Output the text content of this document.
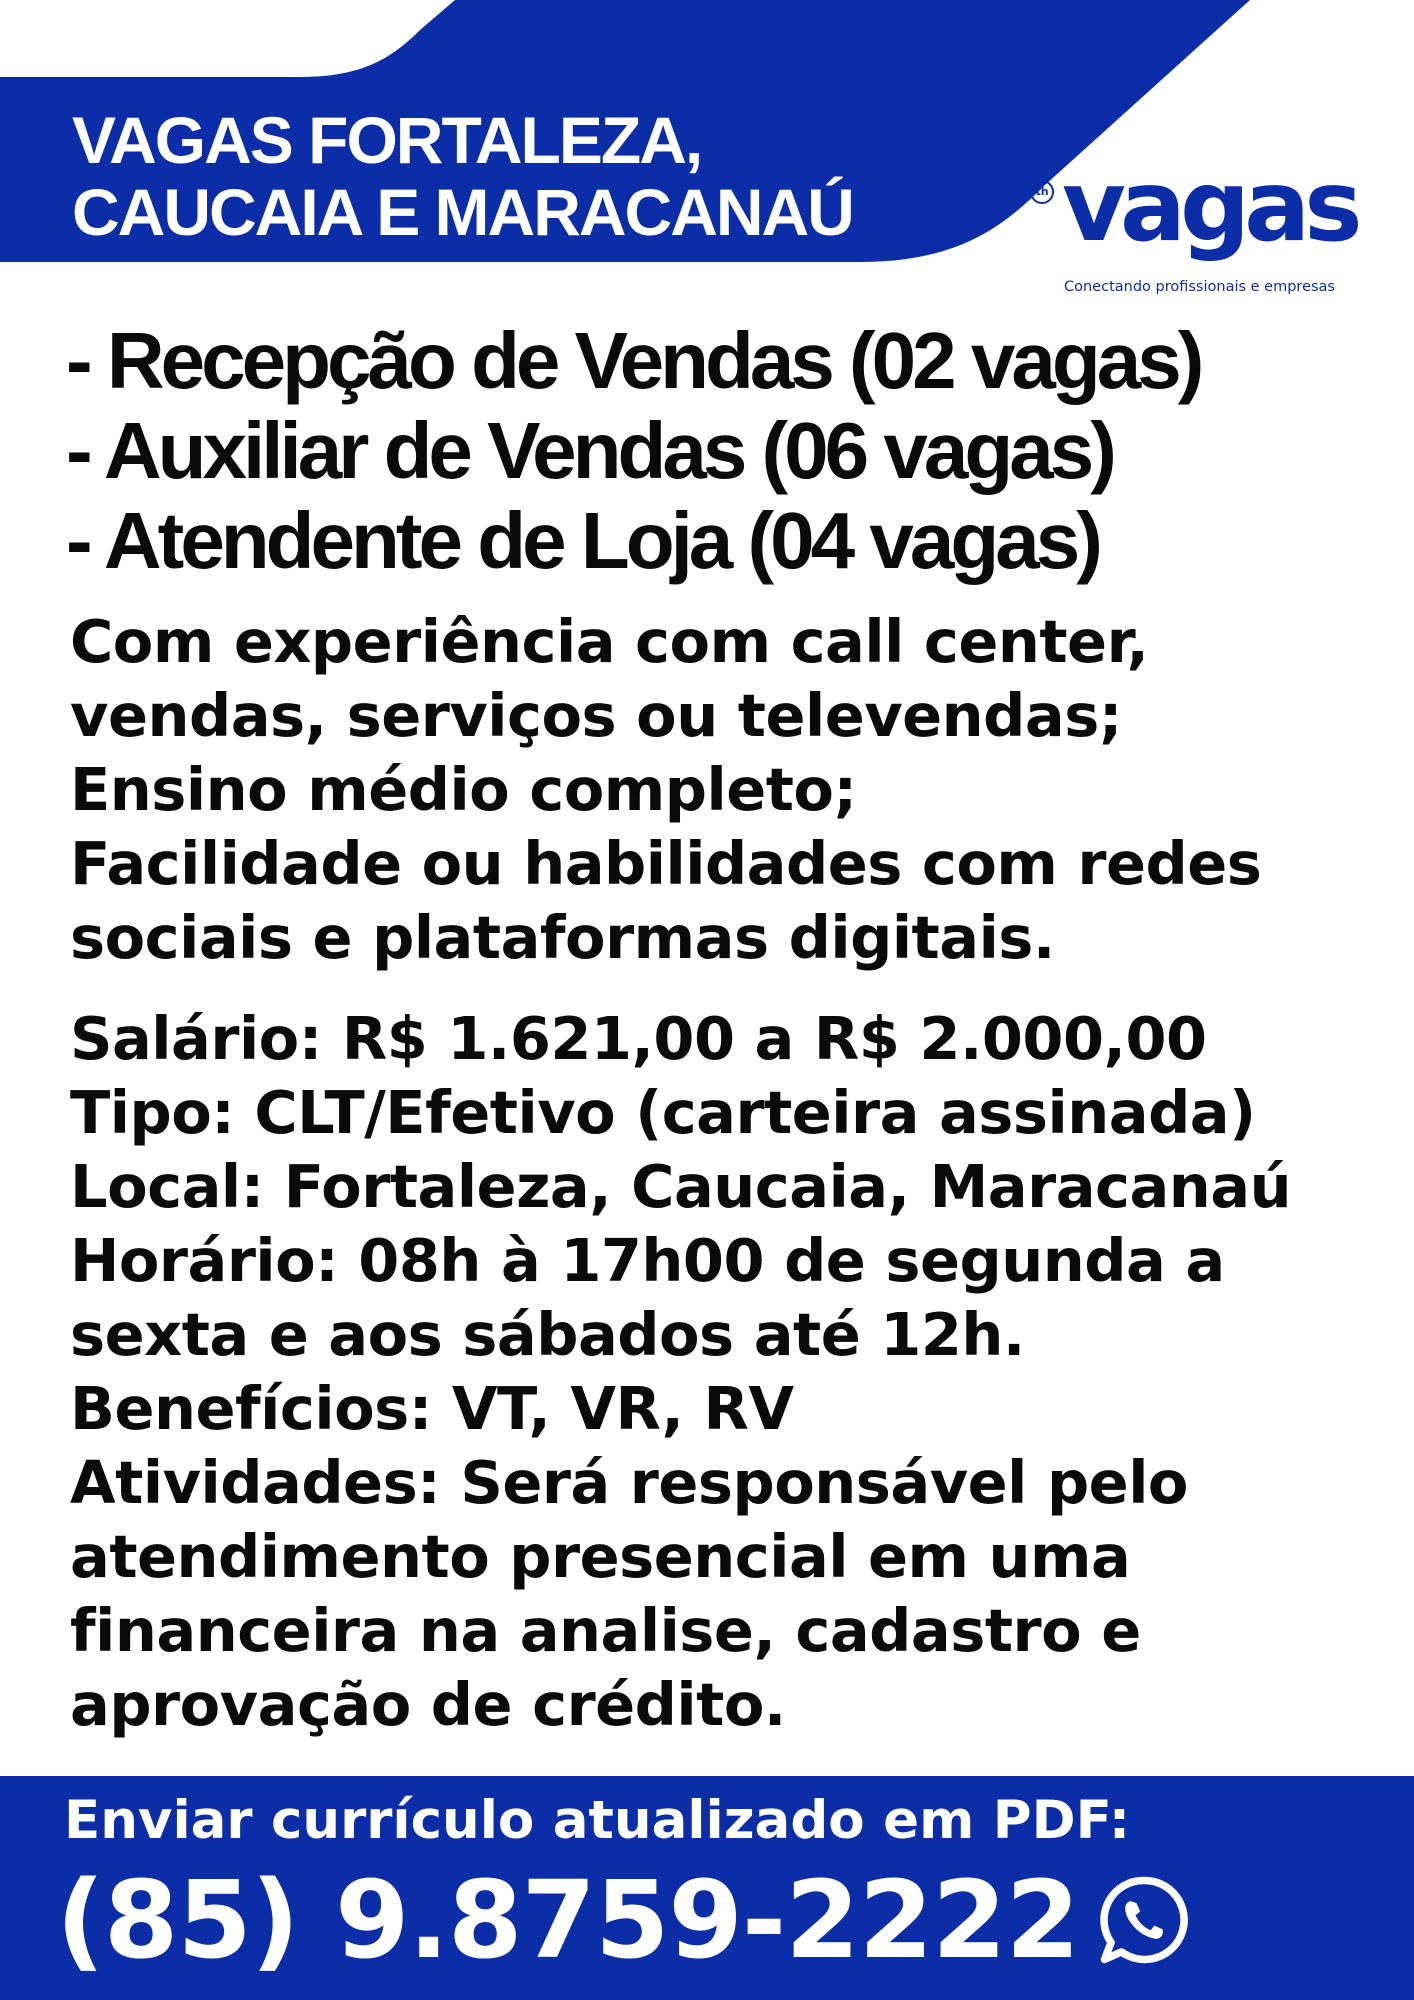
VAGAS FORTALEZA,
CAUCAIA E MARACANAÚ	th vagas
Conectando profissionais e empresas
- Recepção de Vendas (02 vagas)
- Auxiliar de Vendas (06 vagas)
- Atendente de Loja (04 vagas)
Com experiência com call center,
vendas, serviços ou televendas;
Ensino médio completo;
Facilidade ou habilidades com redes
sociais e plataformas digitais.
Salário: R$ 1.621,00 a R$ 2.000,00
Tipo: CLT/Efetivo (carteira assinada)
Local: Fortaleza, Caucaia, Maracanaú
Horário: 08h à 17h00 de segunda a
sexta e aos sábados até 12h.
Benefícios: VT, VR, RV
Atividades: Será responsável pelo
atendimento presencial em uma
financeira na analise, cadastro e
aprovação de crédito.
Enviar currículo atualizado em PDF:
(85) 9.8759-2222
